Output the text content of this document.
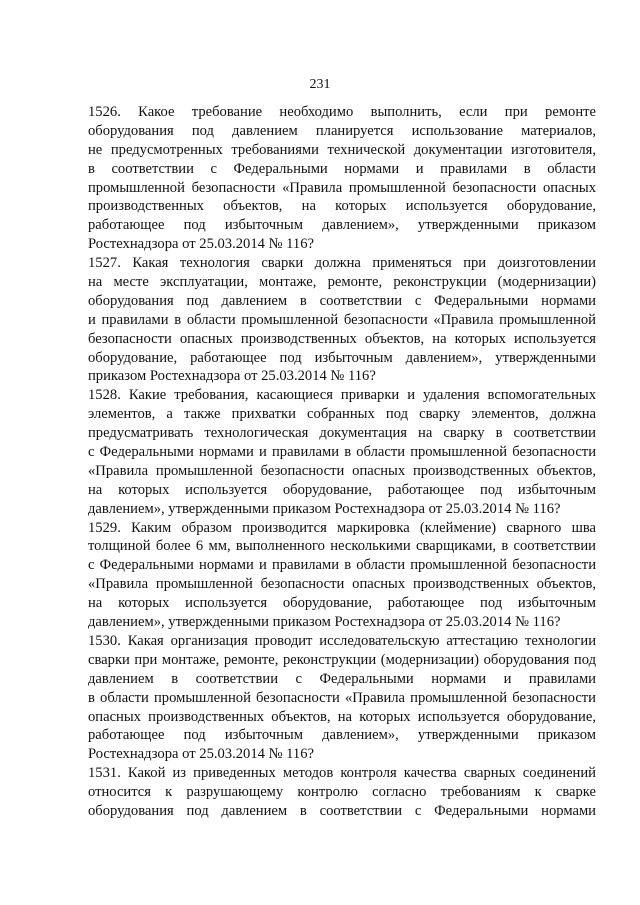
231
1526. Какое требование необходимо выполнить, если при ремонте
оборудования под давлением планируется использование материалов,
не предусмотренных требованиями технической документации изготовителя,
в соответствии с Федеральными нормами и правилами в области
промышленной безопасности «Правила промышленной безопасности опасных
производственных объектов, на которых используется оборудование,
работающее под избыточным давлением», утвержденными приказом
Ростехнадзора от 25.03.2014 № 116?
1527. Какая технология сварки должна применяться при доизготовлении
на месте эксплуатации, монтаже, ремонте, реконструкции (модернизации)
оборудования под давлением в соответствии с Федеральными нормами
и правилами в области промышленной безопасности «Правила промышленной
безопасности опасных производственных объектов, на которых используется
оборудование, работающее под избыточным давлением», утвержденными
приказом Ростехнадзора от 25.03.2014 № 116?
1528. Какие требования, касающиеся приварки и удаления вспомогательных
элементов, а также прихватки собранных под сварку элементов, должна
предусматривать технологическая документация на сварку в соответствии
с Федеральными нормами и правилами в области промышленной безопасности
«Правила промышленной безопасности опасных производственных объектов,
на которых используется оборудование, работающее под избыточным
давлением», утвержденными приказом Ростехнадзора от 25.03.2014 № 116?
1529. Каким образом производится маркировка (клеймение) сварного шва
толщиной более 6 мм, выполненного несколькими сварщиками, в соответствии
с Федеральными нормами и правилами в области промышленной безопасности
«Правила промышленной безопасности опасных производственных объектов,
на которых используется оборудование, работающее под избыточным
давлением», утвержденными приказом Ростехнадзора от 25.03.2014 № 116?
1530. Какая организация проводит исследовательскую аттестацию технологии
сварки при монтаже, ремонте, реконструкции (модернизации) оборудования под
давлением в соответствии с Федеральными нормами и правилами
в области промышленной безопасности «Правила промышленной безопасности
опасных производственных объектов, на которых используется оборудование,
работающее под избыточным давлением», утвержденными приказом
Ростехнадзора от 25.03.2014 № 116?
1531. Какой из приведенных методов контроля качества сварных соединений
относится к разрушающему контролю согласно требованиям к сварке
оборудования под давлением в соответствии с Федеральными нормами
